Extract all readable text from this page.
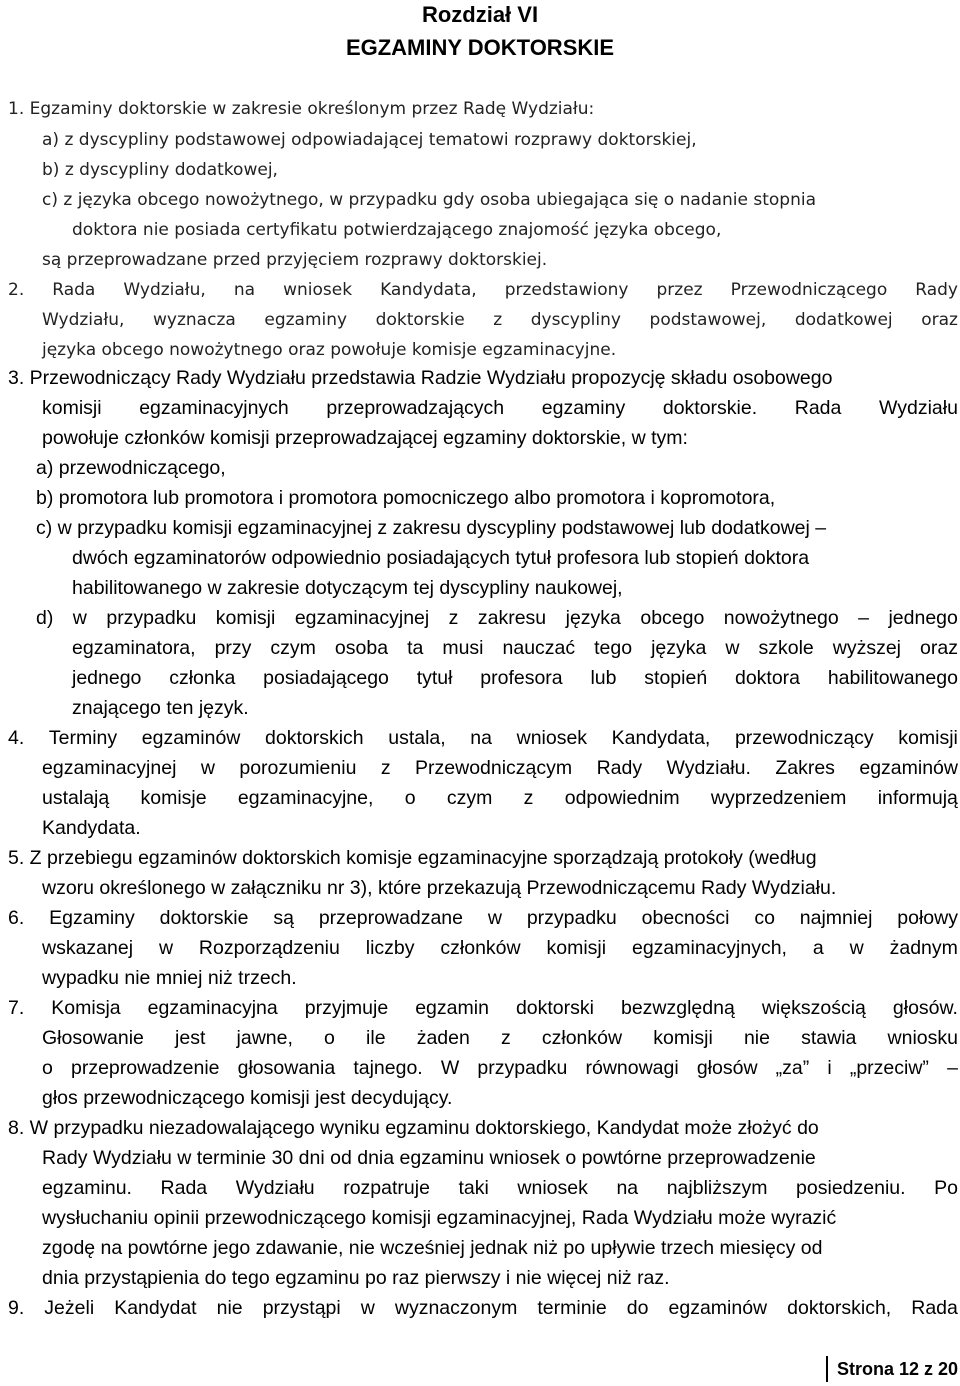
Rozdział VI
EGZAMINY DOKTORSKIE
1. Egzaminy doktorskie w zakresie określonym przez Radę Wydziału:
a) z dyscypliny podstawowej odpowiadającej tematowi rozprawy doktorskiej,
b) z dyscypliny dodatkowej,
c) z języka obcego nowożytnego, w przypadku gdy osoba ubiegająca się o nadanie stopnia
doktora nie posiada certyfikatu potwierdzającego znajomość języka obcego,
są przeprowadzane przed przyjęciem rozprawy doktorskiej.
2. Rada Wydziału, na wniosek Kandydata, przedstawiony przez Przewodniczącego Rady
Wydziału, wyznacza egzaminy doktorskie z dyscypliny podstawowej, dodatkowej oraz
języka obcego nowożytnego oraz powołuje komisje egzaminacyjne.
3. Przewodniczący Rady Wydziału przedstawia Radzie Wydziału propozycję składu osobowego
komisji egzaminacyjnych przeprowadzających egzaminy doktorskie. Rada Wydziału
powołuje członków komisji przeprowadzającej egzaminy doktorskie, w tym:
a) przewodniczącego,
b) promotora lub promotora i promotora pomocniczego albo promotora i kopromotora,
c) w przypadku komisji egzaminacyjnej z zakresu dyscypliny podstawowej lub dodatkowej –
dwóch egzaminatorów odpowiednio posiadających tytuł profesora lub stopień doktora
habilitowanego w zakresie dotyczącym tej dyscypliny naukowej,
d) w przypadku komisji egzaminacyjnej z zakresu języka obcego nowożytnego – jednego
egzaminatora, przy czym osoba ta musi nauczać tego języka w szkole wyższej oraz
jednego członka posiadającego tytuł profesora lub stopień doktora habilitowanego
znającego ten język.
4. Terminy egzaminów doktorskich ustala, na wniosek Kandydata, przewodniczący komisji
egzaminacyjnej w porozumieniu z Przewodniczącym Rady Wydziału. Zakres egzaminów
ustalają komisje egzaminacyjne, o czym z odpowiednim wyprzedzeniem informują
Kandydata.
5. Z przebiegu egzaminów doktorskich komisje egzaminacyjne sporządzają protokoły (według
wzoru określonego w załączniku nr 3), które przekazują Przewodniczącemu Rady Wydziału.
6. Egzaminy doktorskie są przeprowadzane w przypadku obecności co najmniej połowy
wskazanej w Rozporządzeniu liczby członków komisji egzaminacyjnych, a w żadnym
wypadku nie mniej niż trzech.
7. Komisja egzaminacyjna przyjmuje egzamin doktorski bezwzględną większością głosów.
Głosowanie jest jawne, o ile żaden z członków komisji nie stawia wniosku
o przeprowadzenie głosowania tajnego. W przypadku równowagi głosów „za” i „przeciw” –
głos przewodniczącego komisji jest decydujący.
8. W przypadku niezadowalającego wyniku egzaminu doktorskiego, Kandydat może złożyć do
Rady Wydziału w terminie 30 dni od dnia egzaminu wniosek o powtórne przeprowadzenie
egzaminu. Rada Wydziału rozpatruje taki wniosek na najbliższym posiedzeniu. Po
wysłuchaniu opinii przewodniczącego komisji egzaminacyjnej, Rada Wydziału może wyrazić
zgodę na powtórne jego zdawanie, nie wcześniej jednak niż po upływie trzech miesięcy od
dnia przystąpienia do tego egzaminu po raz pierwszy i nie więcej niż raz.
9. Jeżeli Kandydat nie przystąpi w wyznaczonym terminie do egzaminów doktorskich, Rada
Strona 12 z 20
